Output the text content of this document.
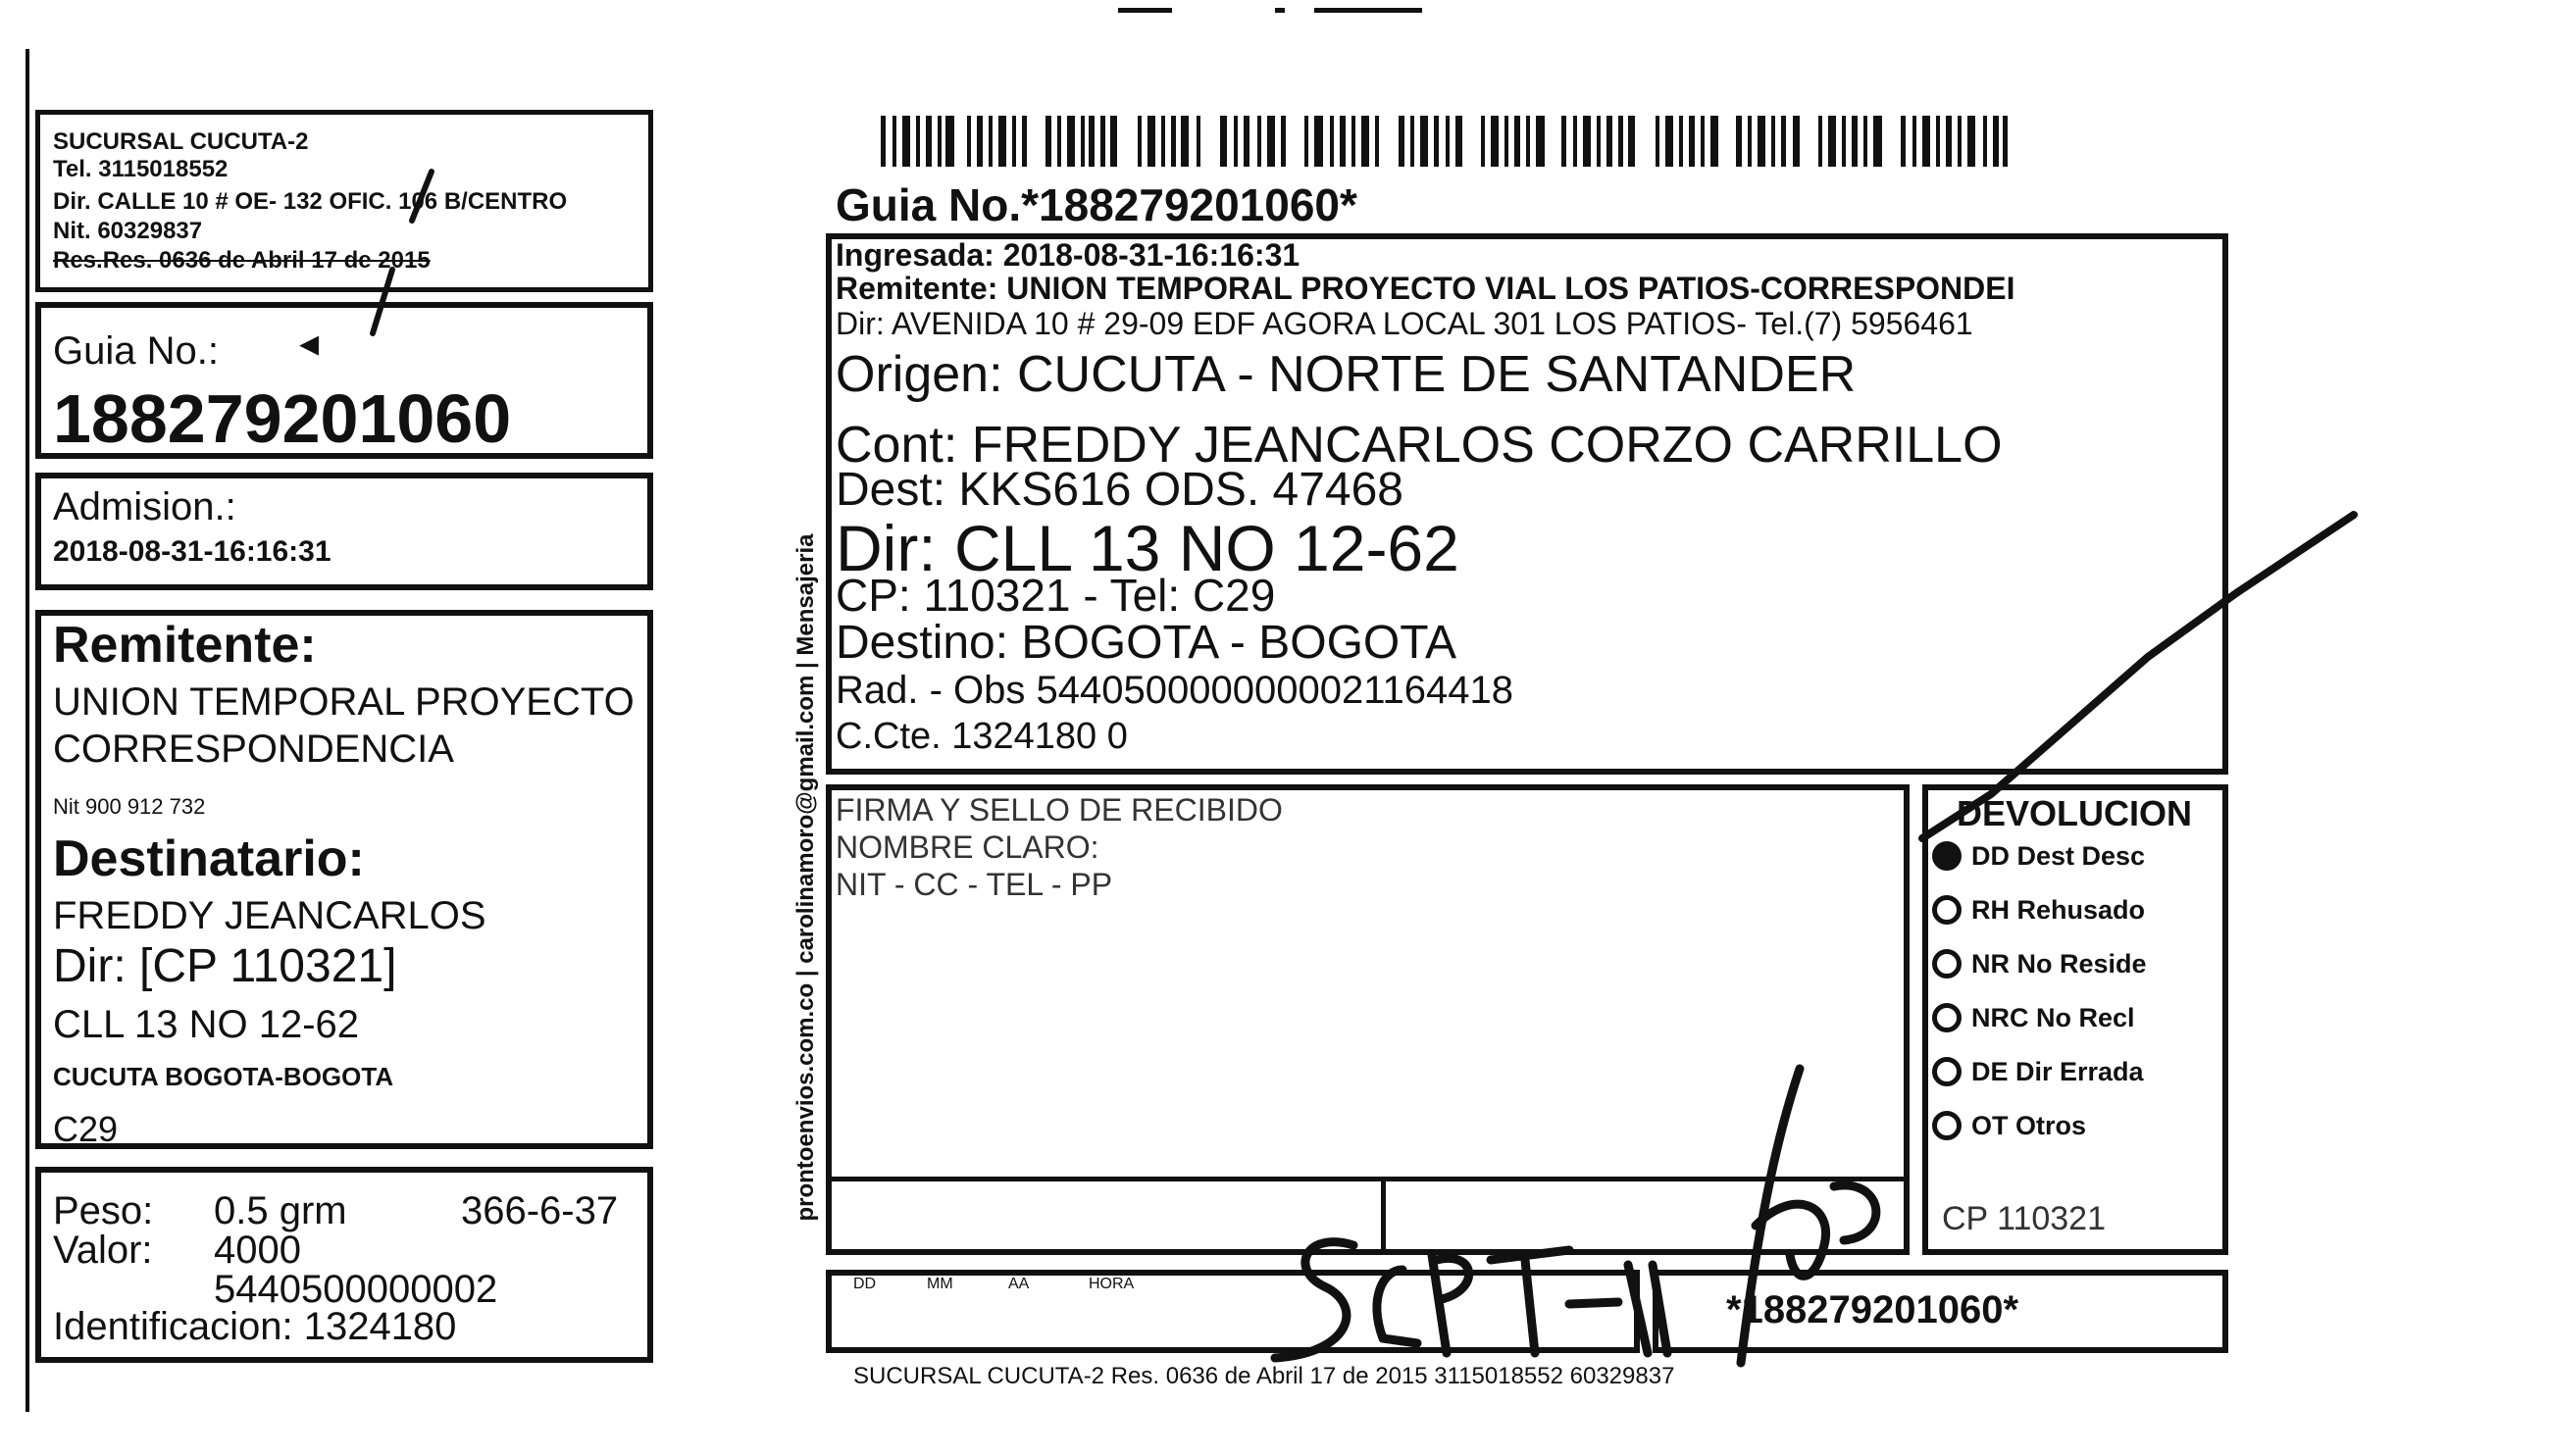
SUCURSAL CUCUTA-2
Tel. 3115018552
Dir. CALLE 10 # OE- 132 OFIC. 106 B/CENTRO
Nit. 60329837
Res.Res. 0636 de Abril 17 de 2015
Guia No.: ◂
188279201060
Admision.:
2018-08-31-16:16:31
Remitente:
UNION TEMPORAL PROYECTO
CORRESPONDENCIA
Nit 900 912 732
Destinatario:
FREDDY JEANCARLOS
Dir: [CP 110321]
CLL 13 NO 12-62
CUCUTA BOGOTA-BOGOTA
C29
Peso: 0.5 grm	366-6-37
Valor: 4000
5440500000002
Identificacion: 1324180
prontoenvios.com.co | carolinamoro@gmail.com | Mensajeria
Guia No.*188279201060*
Ingresada: 2018-08-31-16:16:31
Remitente: UNION TEMPORAL PROYECTO VIAL LOS PATIOS-CORRESPONDEI
Dir: AVENIDA 10 # 29-09 EDF AGORA LOCAL 301 LOS PATIOS- Tel.(7) 5956461
Origen: CUCUTA - NORTE DE SANTANDER
Cont: FREDDY JEANCARLOS CORZO CARRILLO
Dest: KKS616 ODS. 47468
Dir: CLL 13 NO 12-62
CP: 110321 - Tel: C29
Destino: BOGOTA - BOGOTA
Rad. - Obs 5440500000000021164418
C.Cte. 1324180 0
FIRMA Y SELLO DE RECIBIDO
NOMBRE CLARO:
NIT - CC - TEL - PP
DEVOLUCION
DD Dest Desc
RH Rehusado
NR No Reside
NRC No Recl
DE Dir Errada
OT Otros
CP 110321
DD	MM	AA	HORA
*188279201060*
SUCURSAL CUCUTA-2 Res. 0636 de Abril 17 de 2015 3115018552 60329837
